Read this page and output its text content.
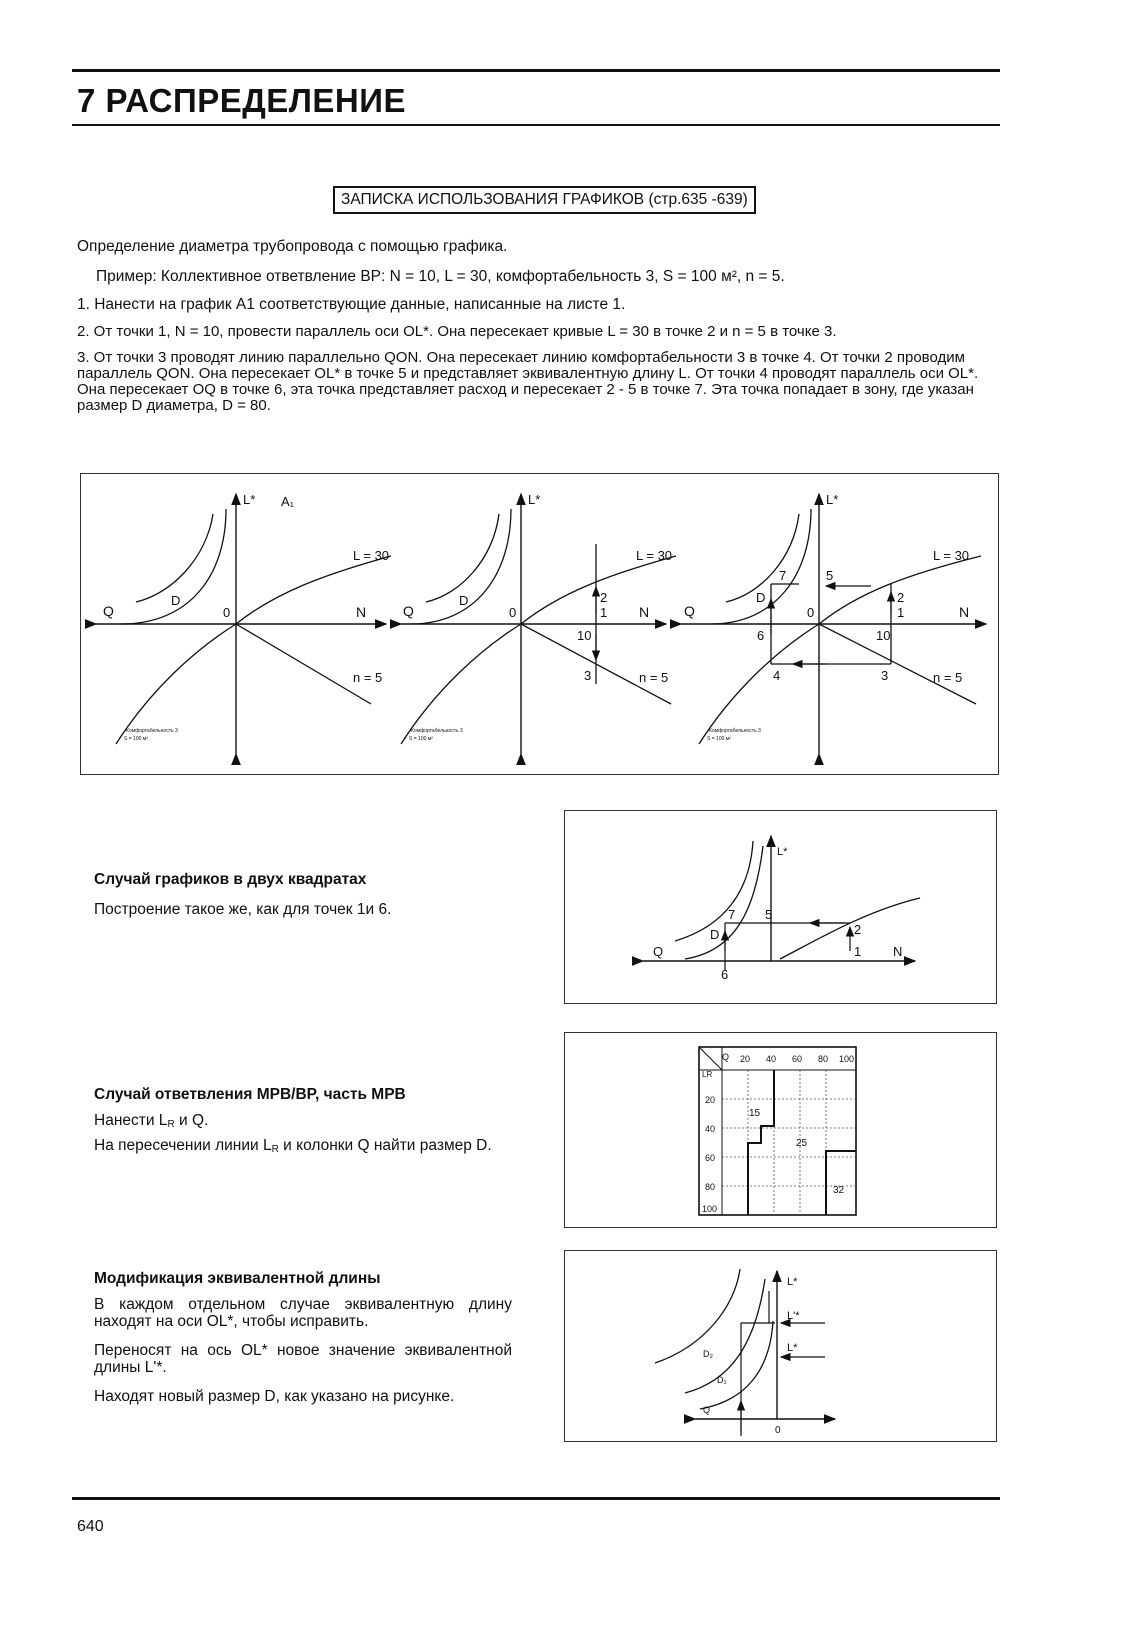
7 РАСПРЕДЕЛЕНИЕ
ЗАПИСКА ИСПОЛЬЗОВАНИЯ ГРАФИКОВ (стр.635 -639)

Определение диаметра трубопровода с помощью графика.

Пример: Коллективное ответвление BP: N = 10, L = 30, комфортабельность 3, S = 100 м², n = 5.

1. Нанести на график A1 соответствующие данные, написанные на листе 1.

2. От точки 1, N = 10, провести параллель оси OL*. Она пересекает кривые L = 30 в точке 2 и n = 5 в точке 3.

3. От точки 3 проводят линию параллельно QON. Она пересекает линию комфортабельности 3 в точке 4. От точки 2 проводим параллель QON. Она пересекает OL* в точке 5 и представляет эквивалентную длину L. От точки 4 проводят параллель оси OL*. Она пересекает OQ в точке 6, эта точка представляет расход и пересекает 2 - 5 в точке 7. Эта точка попадает в зону, где указан размер D диаметра, D = 80.

L* A₁
Q	0	N
D
L = 30
n = 5
Комфортабельность 3
S = 100 м²
L*
Q	0	N
D
L = 30
n = 5
2
1
10
3
Комфортабельность 3
S = 100 м²
L*
Q	0	N
D
L = 30
n = 5
7	5
2
1
10
6
4	3
Комфортабельность 3
S = 100 м²
Случай графиков в двух квадратах

Построение такое же, как для точек 1и 6.

L*
Q	N
D
7 5
2
1
6
Случай ответвления MPB/BP, часть MPB

Нанести $L_R$ и Q.

На пересечении линии $L_R$ и колонки Q найти размер D.

Q
LR
20 40 60 80 100
20
40
60
80
100
15
25
32
Модификация эквивалентной длины

В каждом отдельном случае эквивалентную длину находят на оси OL*, чтобы исправить.

Переносят на ось OL* новое значение эквивалентной длины L'*.

Находят новый размер D, как указано на рисунке.

L*
L'*
L*
D₂
D₁
Q
0
640
